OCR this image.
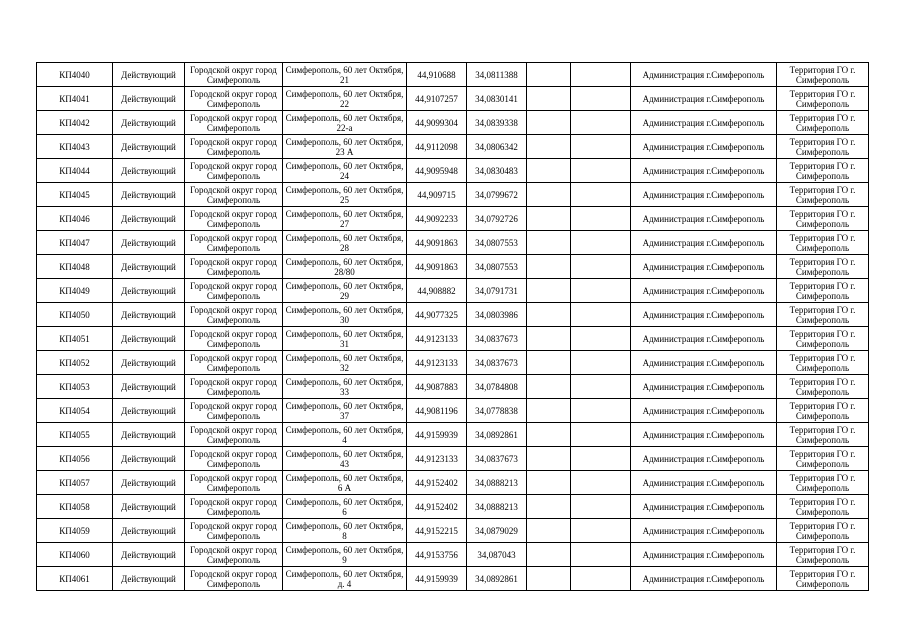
КП4040	Действующий	Городской округ город Симферополь	Симферополь, 60 лет Октября, 21	44,910688	34,0811388			Администрация г.Симферополь	Территория ГО г. Симферополь
КП4041	Действующий	Городской округ город Симферополь	Симферополь, 60 лет Октября, 22	44,9107257	34,0830141			Администрация г.Симферополь	Территория ГО г. Симферополь
КП4042	Действующий	Городской округ город Симферополь	Симферополь, 60 лет Октября, 22-а	44,9099304	34,0839338			Администрация г.Симферополь	Территория ГО г. Симферополь
КП4043	Действующий	Городской округ город Симферополь	Симферополь, 60 лет Октября, 23 А	44,9112098	34,0806342			Администрация г.Симферополь	Территория ГО г. Симферополь
КП4044	Действующий	Городской округ город Симферополь	Симферополь, 60 лет Октября, 24	44,9095948	34,0830483			Администрация г.Симферополь	Территория ГО г. Симферополь
КП4045	Действующий	Городской округ город Симферополь	Симферополь, 60 лет Октября, 25	44,909715	34,0799672			Администрация г.Симферополь	Территория ГО г. Симферополь
КП4046	Действующий	Городской округ город Симферополь	Симферополь, 60 лет Октября, 27	44,9092233	34,0792726			Администрация г.Симферополь	Территория ГО г. Симферополь
КП4047	Действующий	Городской округ город Симферополь	Симферополь, 60 лет Октября, 28	44,9091863	34,0807553			Администрация г.Симферополь	Территория ГО г. Симферополь
КП4048	Действующий	Городской округ город Симферополь	Симферополь, 60 лет Октября, 28/80	44,9091863	34,0807553			Администрация г.Симферополь	Территория ГО г. Симферополь
КП4049	Действующий	Городской округ город Симферополь	Симферополь, 60 лет Октября, 29	44,908882	34,0791731			Администрация г.Симферополь	Территория ГО г. Симферополь
КП4050	Действующий	Городской округ город Симферополь	Симферополь, 60 лет Октября, 30	44,9077325	34,0803986			Администрация г.Симферополь	Территория ГО г. Симферополь
КП4051	Действующий	Городской округ город Симферополь	Симферополь, 60 лет Октября, 31	44,9123133	34,0837673			Администрация г.Симферополь	Территория ГО г. Симферополь
КП4052	Действующий	Городской округ город Симферополь	Симферополь, 60 лет Октября, 32	44,9123133	34,0837673			Администрация г.Симферополь	Территория ГО г. Симферополь
КП4053	Действующий	Городской округ город Симферополь	Симферополь, 60 лет Октября, 33	44,9087883	34,0784808			Администрация г.Симферополь	Территория ГО г. Симферополь
КП4054	Действующий	Городской округ город Симферополь	Симферополь, 60 лет Октября, 37	44,9081196	34,0778838			Администрация г.Симферополь	Территория ГО г. Симферополь
КП4055	Действующий	Городской округ город Симферополь	Симферополь, 60 лет Октября, 4	44,9159939	34,0892861			Администрация г.Симферополь	Территория ГО г. Симферополь
КП4056	Действующий	Городской округ город Симферополь	Симферополь, 60 лет Октября, 43	44,9123133	34,0837673			Администрация г.Симферополь	Территория ГО г. Симферополь
КП4057	Действующий	Городской округ город Симферополь	Симферополь, 60 лет Октября, 6 А	44,9152402	34,0888213			Администрация г.Симферополь	Территория ГО г. Симферополь
КП4058	Действующий	Городской округ город Симферополь	Симферополь, 60 лет Октября, 6	44,9152402	34,0888213			Администрация г.Симферополь	Территория ГО г. Симферополь
КП4059	Действующий	Городской округ город Симферополь	Симферополь, 60 лет Октября, 8	44,9152215	34,0879029			Администрация г.Симферополь	Территория ГО г. Симферополь
КП4060	Действующий	Городской округ город Симферополь	Симферополь, 60 лет Октября, 9	44,9153756	34,087043			Администрация г.Симферополь	Территория ГО г. Симферополь
КП4061	Действующий	Городской округ город Симферополь	Симферополь, 60 лет Октября, д. 4	44,9159939	34,0892861			Администрация г.Симферополь	Территория ГО г. Симферополь
